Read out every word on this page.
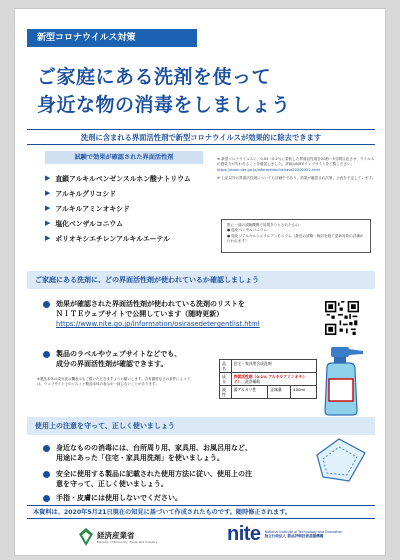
新型コロナウイルス対策
ご家庭にある洗剤を使って
身近な物の消毒をしましょう
洗剤に含まれる界面活性剤で新型コロナウイルスが効果的に除去できます
試験で効果が確認された界面活性剤
▶ 直鎖アルキルベンゼンスルホン酸ナトリウム
▶ アルキルグリコシド
▶ アルキルアミンオキシド
▶ 塩化ベンザルコニウム
▶ ポリオキシエチレンアルキルエーテル

※ 新型コロナウイルスに、0.05～0.2％に希釈した界面活性剤を20秒～5分間反応させ、ウイルスの感染力が失われることを確認しました。詳細はNITEウェブサイトをご覧ください。 https://www.nite.go.jp/information/osirase20200522.html

※ 上記以外の界面活性剤についても評価中であり、効果が確認され次第、公表を予定しています。

既に一部の試験機関で効果ありとされたもの
● 塩化ベンザルコニウム
● 塩化ジアルキルジメチルアンモニウム（最近の試験・検討を経て更新対象の評価が行われます）
ご家庭にある洗剤に、どの界面活性剤が使われているか確認しましょう
効果が確認された界面活性剤が使われている洗剤のリストを
ＮＩＴＥウェブサイトで公開しています（随時更新）
https://www.nite.go.jp/information/osirasedetergentlist.html
製品のラベルやウェブサイトなどでも、
成分の界面活性剤が確認できます。
※製品本体の成分表示欄表示もご覧いただきますようお願いします。含有濃度などの条件によっては、ウェブサイト上のリストと製品本体の表示が一致しないことがあります。
品名	住宅・家具用合成洗剤		
成分	界面活性剤（0.1% アルキルアミンオキシド）、洗浄補助		
液性	弱アルカリ性	正味量	400ml
使用上の注意を守って、正しく使いましょう
身近なものの消毒には、台所周り用、家具用、お風呂用など、
用途にあった「住宅・家具用洗剤」を使いましょう。
安全に使用する製品に記載された使用方法に従い、使用上の注
意を守って、正しく使いましょう。
手指・皮膚には使用しないでください。
本資料は、2020年5月21日現在の知見に基づいて作成されたものです。随時修正されます。
経済産業省
Ministry of Economy, Trade and Industry	nite National Institute of Technology and Evaluation
独立行政法人 製品評価技術基盤機構
